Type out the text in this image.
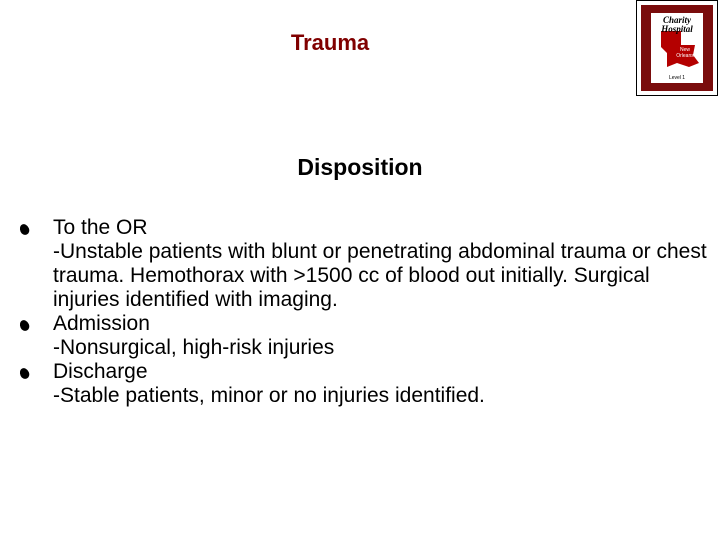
Trauma
Charity
Hospital
New
Orleans
Level 1
Disposition
To the OR
-Unstable patients with blunt or penetrating abdominal trauma or chest trauma. Hemothorax with >1500 cc of blood out initially. Surgical injuries identified with imaging.
Admission
-Nonsurgical, high-risk injuries
Discharge
-Stable patients, minor or no injuries identified.
